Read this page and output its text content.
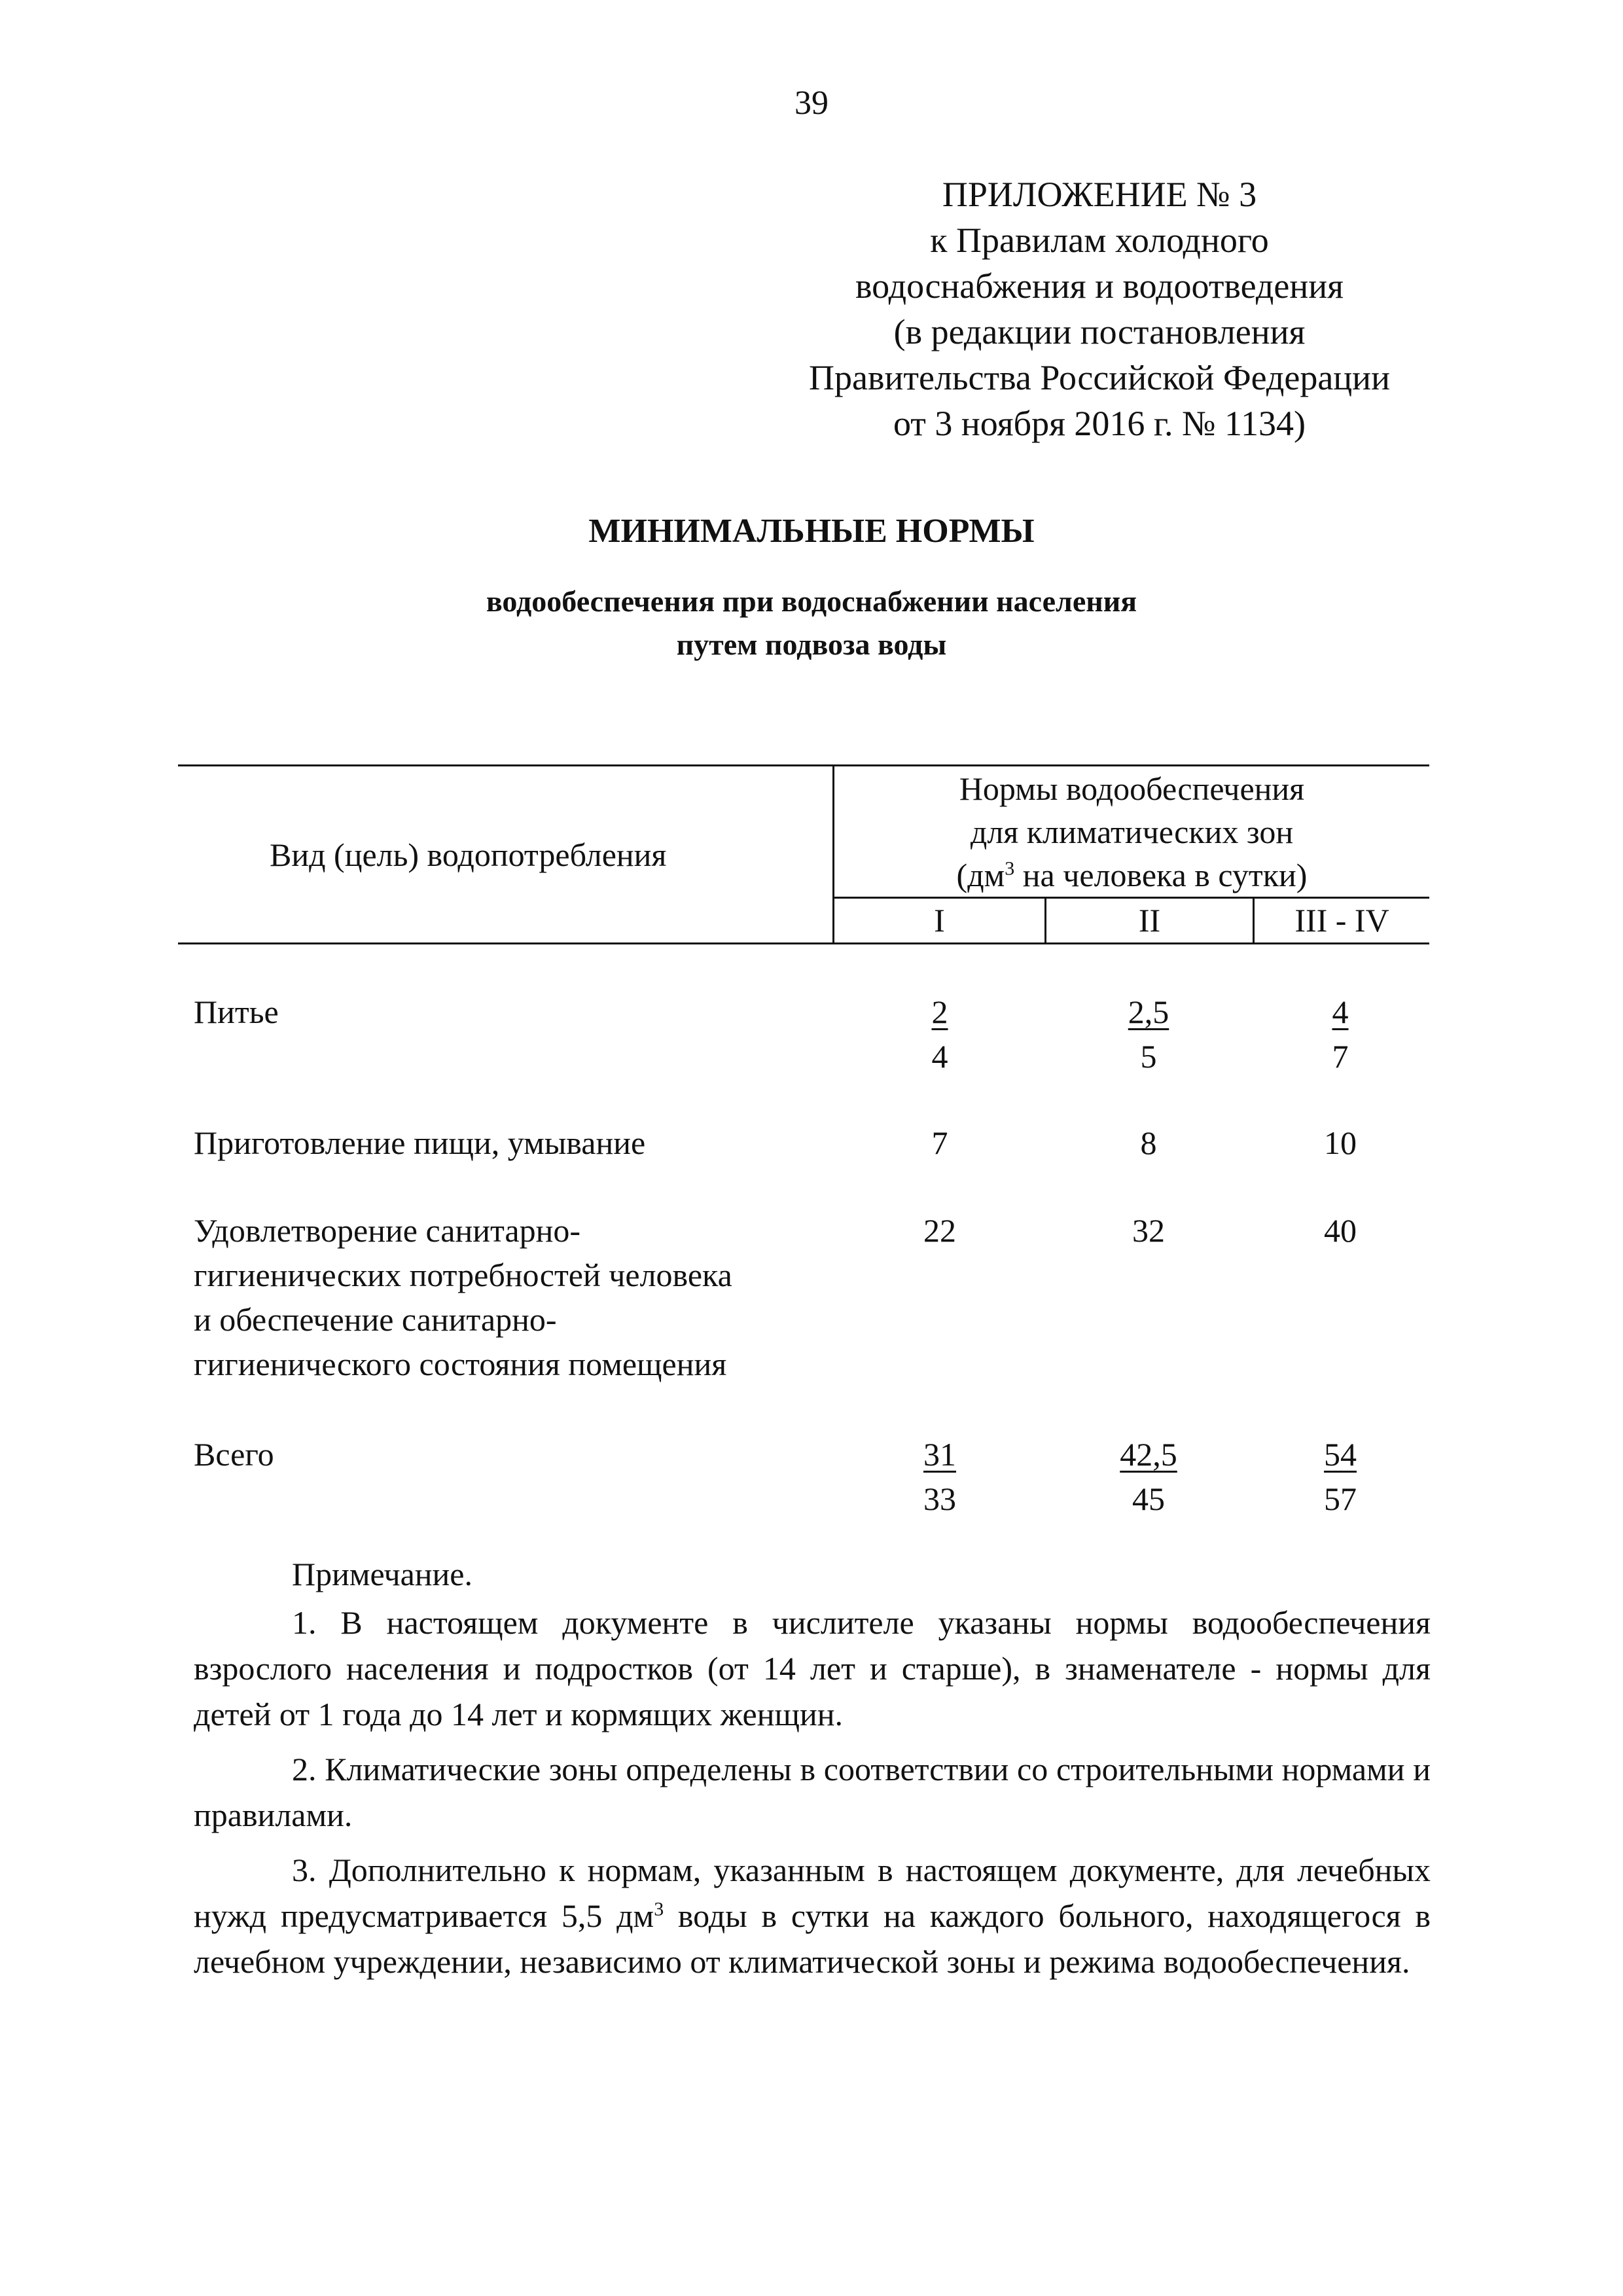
39
ПРИЛОЖЕНИЕ № 3
к Правилам холодного
водоснабжения и водоотведения
(в редакции постановления
Правительства Российской Федерации
от 3 ноября 2016 г. № 1134)
МИНИМАЛЬНЫЕ НОРМЫ
водообеспечения при водоснабжении населения
путем подвоза воды
Вид (цель) водопотребления
Нормы водообеспечения
для климатических зон
($дм^3$ на человека в сутки)
I	II	III - IV
Питье	$\frac{2}{4} \frac{2,5}{5} \frac{4}{7}$
Приготовление пищи, умывание	7	8	10
Удовлетворение санитарно-
гигиенических потребностей человека
и обеспечение санитарно-
гигиенического состояния помещения
22	32	40
Всего	$\frac{31}{33} \frac{42,5}{45} \frac{54}{57}$

Примечание.

1. В настоящем документе в числителе указаны нормы водообеспечения взрослого населения и подростков (от 14 лет и старше), в знаменателе - нормы для детей от 1 года до 14 лет и кормящих женщин.

2. Климатические зоны определены в соответствии со строительными нормами и правилами.

3. Дополнительно к нормам, указанным в настоящем документе, для лечебных нужд предусматривается 5,5 $дм^3$ воды в сутки на каждого больного, находящегося в лечебном учреждении, независимо от климатической зоны и режима водообеспечения.
